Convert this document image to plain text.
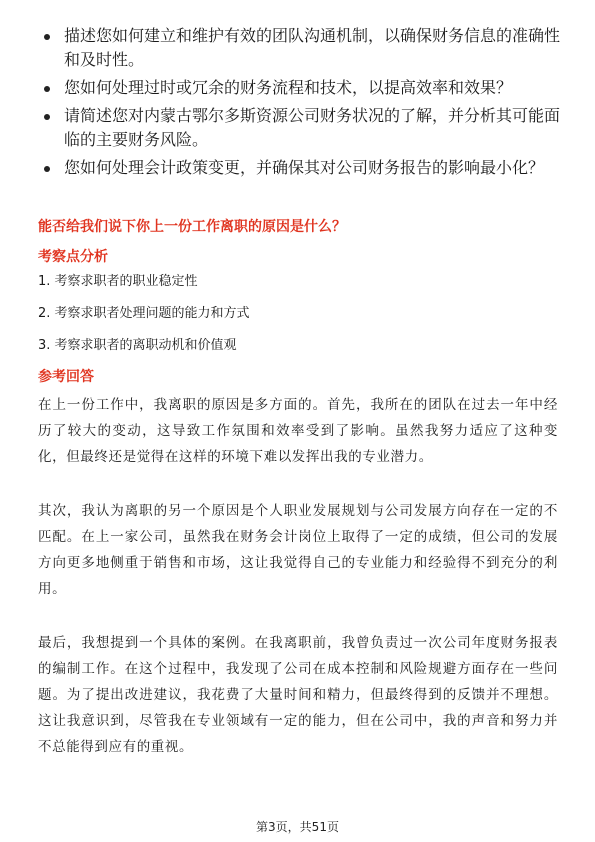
描述您如何建立和维护有效的团队沟通机制，以确保财务信息的准确性和及时性。
您如何处理过时或冗余的财务流程和技术，以提高效率和效果？
请简述您对内蒙古鄂尔多斯资源公司财务状况的了解，并分析其可能面临的主要财务风险。
您如何处理会计政策变更，并确保其对公司财务报告的影响最小化？
能否给我们说下你上一份工作离职的原因是什么？
考察点分析
1. 考察求职者的职业稳定性
2. 考察求职者处理问题的能力和方式
3. 考察求职者的离职动机和价值观
参考回答

在上一份工作中，我离职的原因是多方面的。首先，我所在的团队在过去一年中经历了较大的变动，这导致工作氛围和效率受到了影响。虽然我努力适应了这种变化，但最终还是觉得在这样的环境下难以发挥出我的专业潜力。

其次，我认为离职的另一个原因是个人职业发展规划与公司发展方向存在一定的不匹配。在上一家公司，虽然我在财务会计岗位上取得了一定的成绩，但公司的发展方向更多地侧重于销售和市场，这让我觉得自己的专业能力和经验得不到充分的利用。

最后，我想提到一个具体的案例。在我离职前，我曾负责过一次公司年度财务报表的编制工作。在这个过程中，我发现了公司在成本控制和风险规避方面存在一些问题。为了提出改进建议，我花费了大量时间和精力，但最终得到的反馈并不理想。这让我意识到，尽管我在专业领域有一定的能力，但在公司中，我的声音和努力并不总能得到应有的重视。

第3页，共51页
